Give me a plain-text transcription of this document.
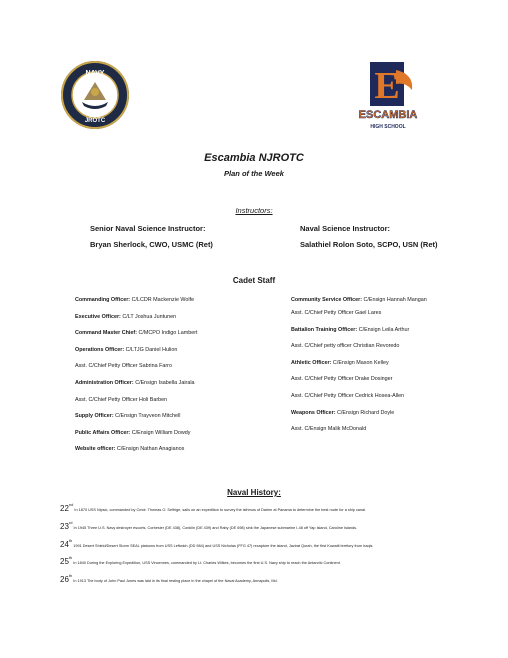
NAVY
JROTC
E
ESCAMBIA
HIGH SCHOOL
Escambia NJROTC
Plan of the Week
Instructors:
Senior Naval Science Instructor:
Bryan Sherlock, CWO, USMC (Ret)
Naval Science Instructor:
Salathiel Rolon Soto, SCPO, USN (Ret)
Cadet Staff
Commanding Officer: C/LCDR Mackenzie Wolfe
Executive Officer: C/LT Joshua Juntunen
Command Master Chief: C/MCPO Indigo Lambert
Operations Officer: C/LTJG Daniel Hulion
Asst. C/Chief Petty Officer Sabrina Farro
Administration Officer: C/Ensign Isabella Jairala
Asst. C/Chief Petty Officer Holi Barben
Supply Officer: C/Ensign Trayveon Mitchell
Public Affairs Officer: C/Ensign William Dowdy
Website officer: C/Ensign Nathan Anagianos
Community Service Officer: C/Ensign Hannah Mangan
Asst. C/Chief Petty Officer Gael Lares
Battalion Training Officer: C/Ensign Leila Arthur
Asst. C/Chief petty officer Christian Revoredo
Athletic Officer: C/Ensign Mason Kelley
Asst. C/Chief Petty Officer Drake Dosinger
Asst. C/Chief Petty Officer Cedrick Hosea-Allen
Weapons Officer: C/Ensign Richard Doyle
Asst. C/Ensign Malik McDonald
Naval History:
22nd In 1870 USS Nipsic, commanded by Cmdr. Thomas O. Selfrige, sails on an expedition to survey the isthmus of Darien at Panama to determine the best route for a ship canal.
23rd In 1945 Three U.S. Navy destroyer escorts, Corbesier (DE 438), Conklin (DE 439) and Raby (DE 698) sink the Japanese submarine I-48 off Yap Island, Caroline Islands.
24th 1991 Desert Shield/Desert Storm SEAL platoons from USS Leftwich (DD 984) and USS Nicholas (FFG 47) recapture the island, Jazirat Qurah, the first Kuwaiti territory from Iraqis.
25th In 1840 During the Exploring Expedition, USS Vincennes, commanded by Lt. Charles Wilkes, becomes the first U.S. Navy ship to reach the Antarctic Continent.
26th In 1913 The body of John Paul Jones was laid in its final resting place in the chapel of the Naval Academy, Annapolis, Md.
